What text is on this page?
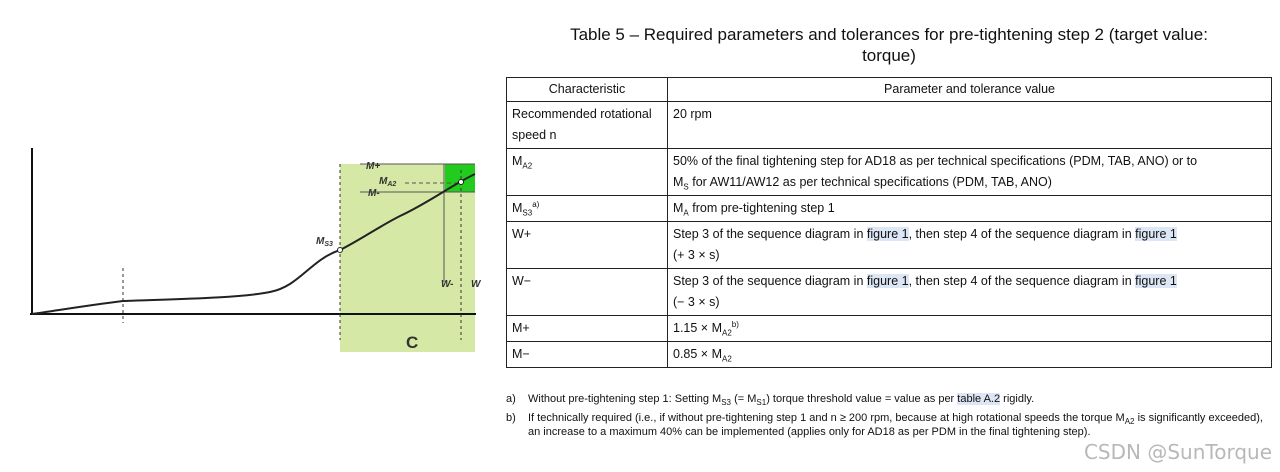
M+
M-
$M_{A2}$
$M_{S3}$
W- W
C
Table 5 – Required parameters and tolerances for pre-tightening step 2 (target value: torque)
Characteristic	Parameter and tolerance value
Recommended rotational speed n	20 rpm
$M_{A2}$	50% of the final tightening step for AD18 as per technical specifications (PDM, TAB, ANO) or to
$M_S$ for AW11/AW12 as per technical specifications (PDM, TAB, ANO)
$M_{S3}^{a)}$	$M_A$ from pre-tightening step 1
W+	Step 3 of the sequence diagram in figure 1, then step 4 of the sequence diagram in figure 1
(+ 3 × s)
W−	Step 3 of the sequence diagram in figure 1, then step 4 of the sequence diagram in figure 1
(− 3 × s)
M+	$1.15 \times M_{A2}^{b)}$
M−	$0.85 \times M_{A2}$
a)	Without pre-tightening step 1: Setting $M_{S3}$ (= $M_{S1}$) torque threshold value = value as per table A.2 rigidly.
b)	If technically required (i.e., if without pre-tightening step 1 and n ≥ 200 rpm, because at high rotational speeds the torque $M_{A2}$ is significantly exceeded), an increase to a maximum 40% can be implemented (applies only for AD18 as per PDM in the final tightening step).
CSDN @SunTorque
